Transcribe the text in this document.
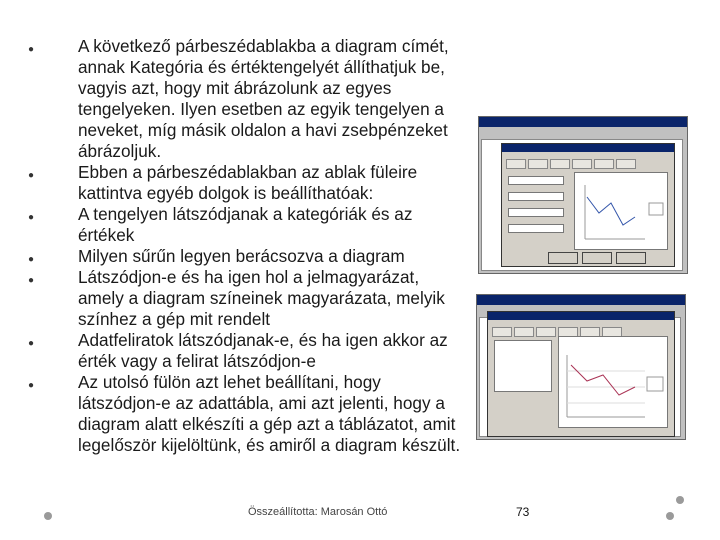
●	A következő párbeszédablakba a diagram címét, annak Kategória és értéktengelyét állíthatjuk be, vagyis azt, hogy mit ábrázolunk az egyes tengelyeken. Ilyen esetben az egyik tengelyen a neveket, míg másik oldalon a havi zsebpénzeket ábrázoljuk.
●	Ebben a párbeszédablakban az ablak füleire kattintva egyéb dolgok is beállíthatóak:
●	A tengelyen látszódjanak a kategóriák és az értékek
●	Milyen sűrűn legyen berácsozva a diagram
●	Látszódjon-e és ha igen hol a jelmagyarázat, amely a diagram színeinek magyarázata, melyik színhez a gép mit rendelt
●	Adatfeliratok látszódjanak-e, és ha igen akkor az érték vagy a felirat látszódjon-e
●	Az utolsó fülön azt lehet beállítani, hogy látszódjon-e az adattábla, ami azt jelenti, hogy a diagram alatt elkészíti a gép azt a táblázatot, amit legelőször kijelöltünk, és amiről a diagram készült.
Összeállította: Marosán Ottó	73
